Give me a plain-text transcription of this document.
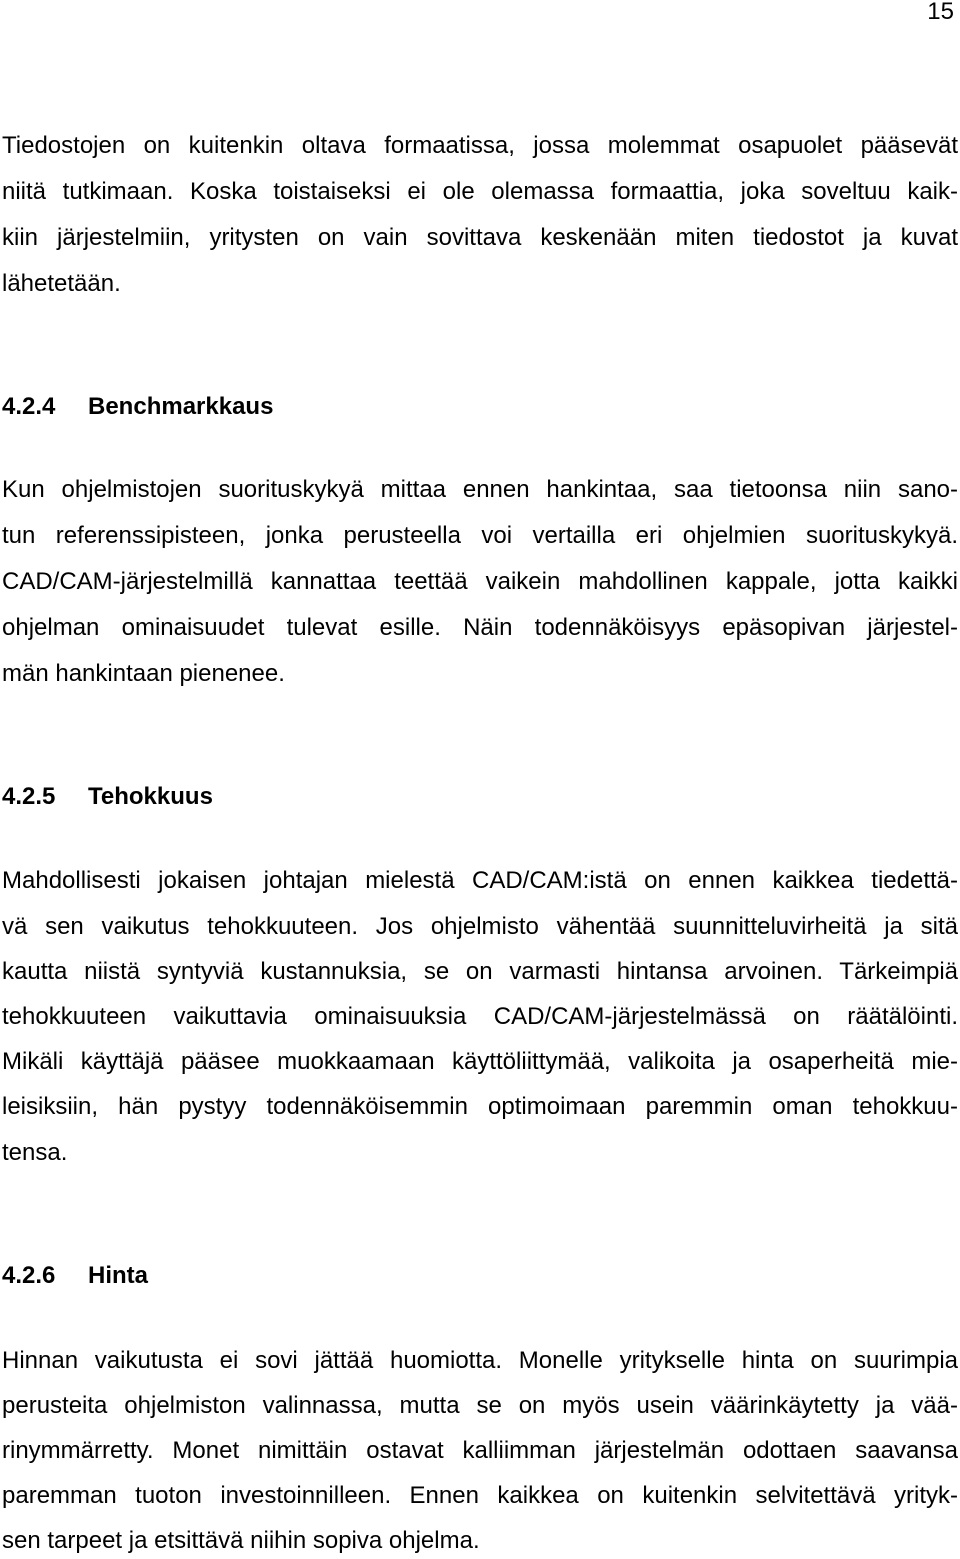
15
Tiedostojen on kuitenkin oltava formaatissa, jossa molemmat osapuolet pääsevät
niitä tutkimaan. Koska toistaiseksi ei ole olemassa formaattia, joka soveltuu kaik-
kiin järjestelmiin, yritysten on vain sovittava keskenään miten tiedostot ja kuvat
lähetetään.
4.2.4 Benchmarkkaus
Kun ohjelmistojen suorituskykyä mittaa ennen hankintaa, saa tietoonsa niin sano-
tun referenssipisteen, jonka perusteella voi vertailla eri ohjelmien suorituskykyä.
CAD/CAM-järjestelmillä kannattaa teettää vaikein mahdollinen kappale, jotta kaikki
ohjelman ominaisuudet tulevat esille. Näin todennäköisyys epäsopivan järjestel-
män hankintaan pienenee.
4.2.5 Tehokkuus
Mahdollisesti jokaisen johtajan mielestä CAD/CAM:istä on ennen kaikkea tiedettä-
vä sen vaikutus tehokkuuteen. Jos ohjelmisto vähentää suunnitteluvirheitä ja sitä
kautta niistä syntyviä kustannuksia, se on varmasti hintansa arvoinen. Tärkeimpiä
tehokkuuteen vaikuttavia ominaisuuksia CAD/CAM-järjestelmässä on räätälöinti.
Mikäli käyttäjä pääsee muokkaamaan käyttöliittymää, valikoita ja osaperheitä mie-
leisiksiin, hän pystyy todennäköisemmin optimoimaan paremmin oman tehokkuu-
tensa.
4.2.6 Hinta
Hinnan vaikutusta ei sovi jättää huomiotta. Monelle yritykselle hinta on suurimpia
perusteita ohjelmiston valinnassa, mutta se on myös usein väärinkäytetty ja vää-
rinymmärretty. Monet nimittäin ostavat kalliimman järjestelmän odottaen saavansa
paremman tuoton investoinnilleen. Ennen kaikkea on kuitenkin selvitettävä yrityk-
sen tarpeet ja etsittävä niihin sopiva ohjelma.
